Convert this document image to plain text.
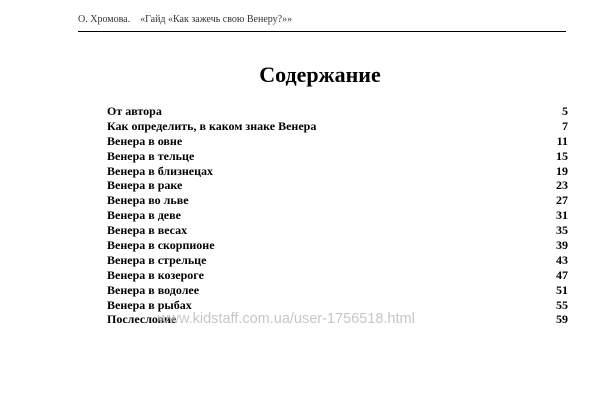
О. Хромова. «Гайд «Как зажечь свою Венеру?»»
Содержание
От автора	5
Как определить, в каком знаке Венера	7
Венера в овне	11
Венера в тельце	15
Венера в близнецах	19
Венера в раке	23
Венера во льве	27
Венера в деве	31
Венера в весах	35
Венера в скорпионе	39
Венера в стрельце	43
Венера в козероге	47
Венера в водолее	51
Венера в рыбах	55
Послесловие	59
www.kidstaff.com.ua/user-1756518.html
